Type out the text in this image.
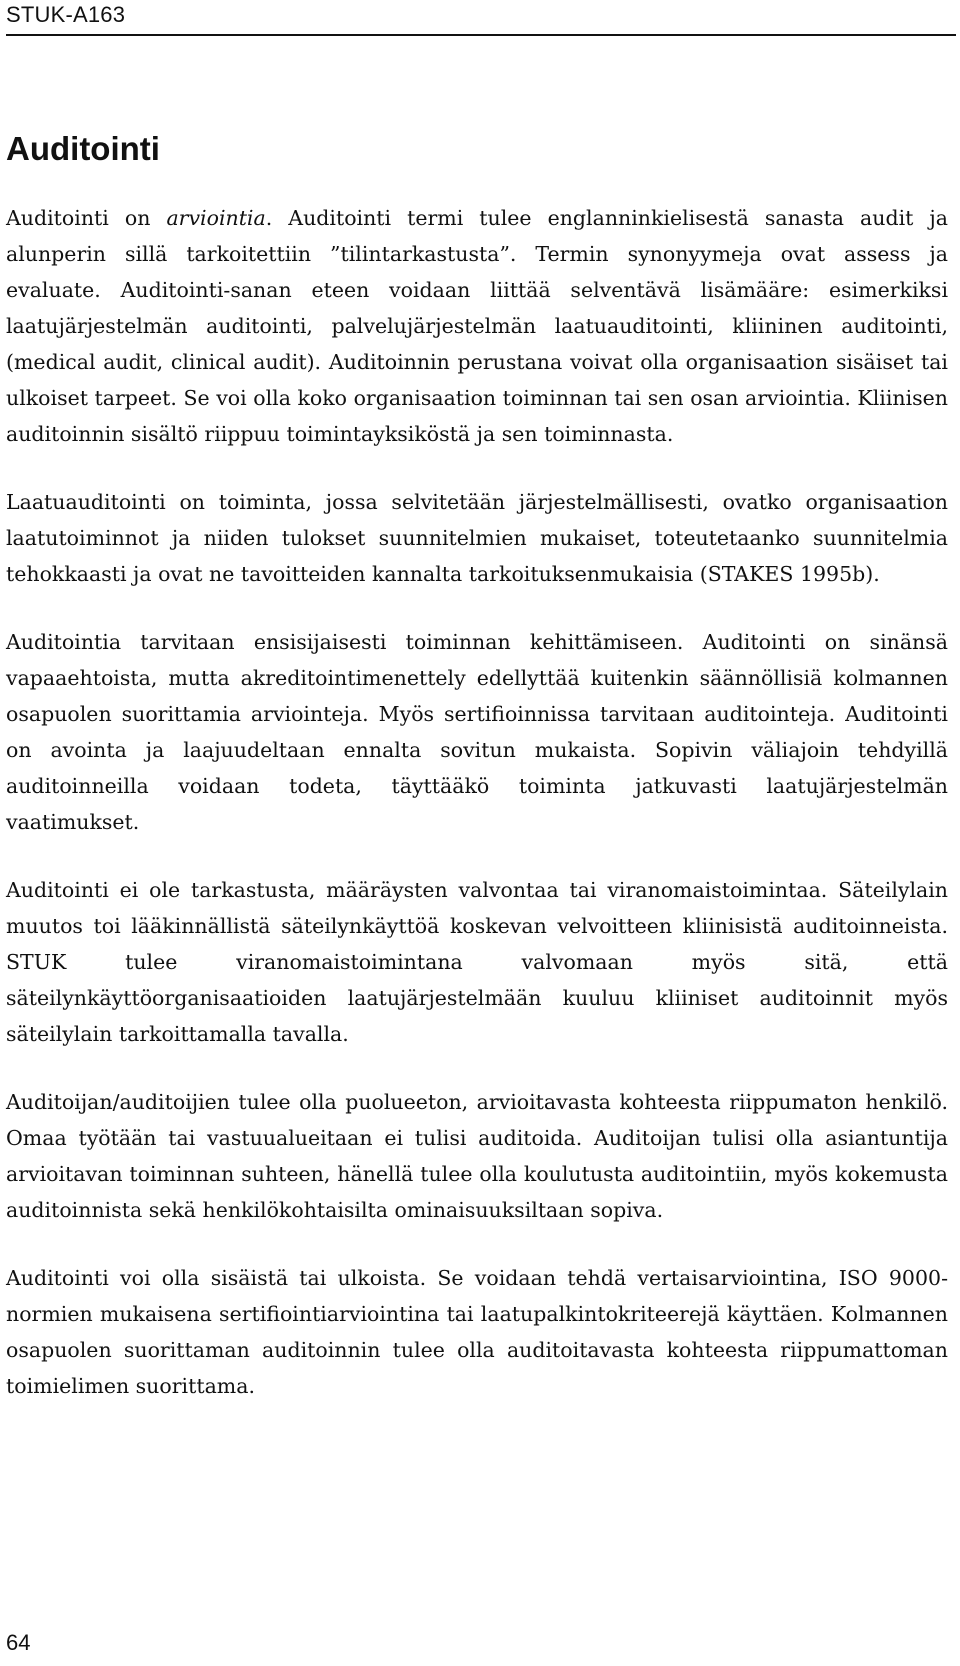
STUK-A163
Auditointi

Auditointi on arviointia. Auditointi termi tulee englanninkielisestä sanasta audit ja alunperin sillä tarkoitettiin ”tilintarkastusta”. Termin synonyymeja ovat assess ja evaluate. Auditointi-sanan eteen voidaan liittää selventävä lisämääre: esimerkiksi laatujärjestelmän auditointi, palvelujärjestelmän laatuauditointi, kliininen auditointi, (medical audit, clinical audit). Auditoinnin perustana voivat olla organisaation sisäiset tai ulkoiset tarpeet. Se voi olla koko organisaation toiminnan tai sen osan arviointia. Kliinisen auditoinnin sisältö riippuu toimintayksiköstä ja sen toiminnasta.

Laatuauditointi on toiminta, jossa selvitetään järjestelmällisesti, ovatko organisaation laatutoiminnot ja niiden tulokset suunnitelmien mukaiset, toteutetaanko suunnitelmia tehokkaasti ja ovat ne tavoitteiden kannalta tarkoituksenmukaisia (STAKES 1995b).

Auditointia tarvitaan ensisijaisesti toiminnan kehittämiseen. Auditointi on sinänsä vapaaehtoista, mutta akreditointimenettely edellyttää kuitenkin säännöllisiä kolmannen osapuolen suorittamia arviointeja. Myös sertifioinnissa tarvitaan auditointeja. Auditointi on avointa ja laajuudeltaan ennalta sovitun mukaista. Sopivin väliajoin tehdyillä auditoinneilla voidaan todeta, täyttääkö toiminta jatkuvasti laatujärjestelmän vaatimukset.

Auditointi ei ole tarkastusta, määräysten valvontaa tai viranomaistoimintaa. Säteilylain muutos toi lääkinnällistä säteilynkäyttöä koskevan velvoitteen kliinisistä auditoinneista. STUK tulee viranomaistoimintana valvomaan myös sitä, että säteilynkäyttöorganisaatioiden laatujärjestelmään kuuluu kliiniset auditoinnit myös säteilylain tarkoittamalla tavalla.

Auditoijan/auditoijien tulee olla puolueeton, arvioitavasta kohteesta riippumaton henkilö. Omaa työtään tai vastuualueitaan ei tulisi auditoida. Auditoijan tulisi olla asiantuntija arvioitavan toiminnan suhteen, hänellä tulee olla koulutusta auditointiin, myös kokemusta auditoinnista sekä henkilökohtaisilta ominaisuuksiltaan sopiva.

Auditointi voi olla sisäistä tai ulkoista. Se voidaan tehdä vertaisarviointina, ISO 9000-normien mukaisena sertifiointiarviointina tai laatupalkintokriteerejä käyttäen. Kolmannen osapuolen suorittaman auditoinnin tulee olla auditoitavasta kohteesta riippumattoman toimielimen suorittama.

64
